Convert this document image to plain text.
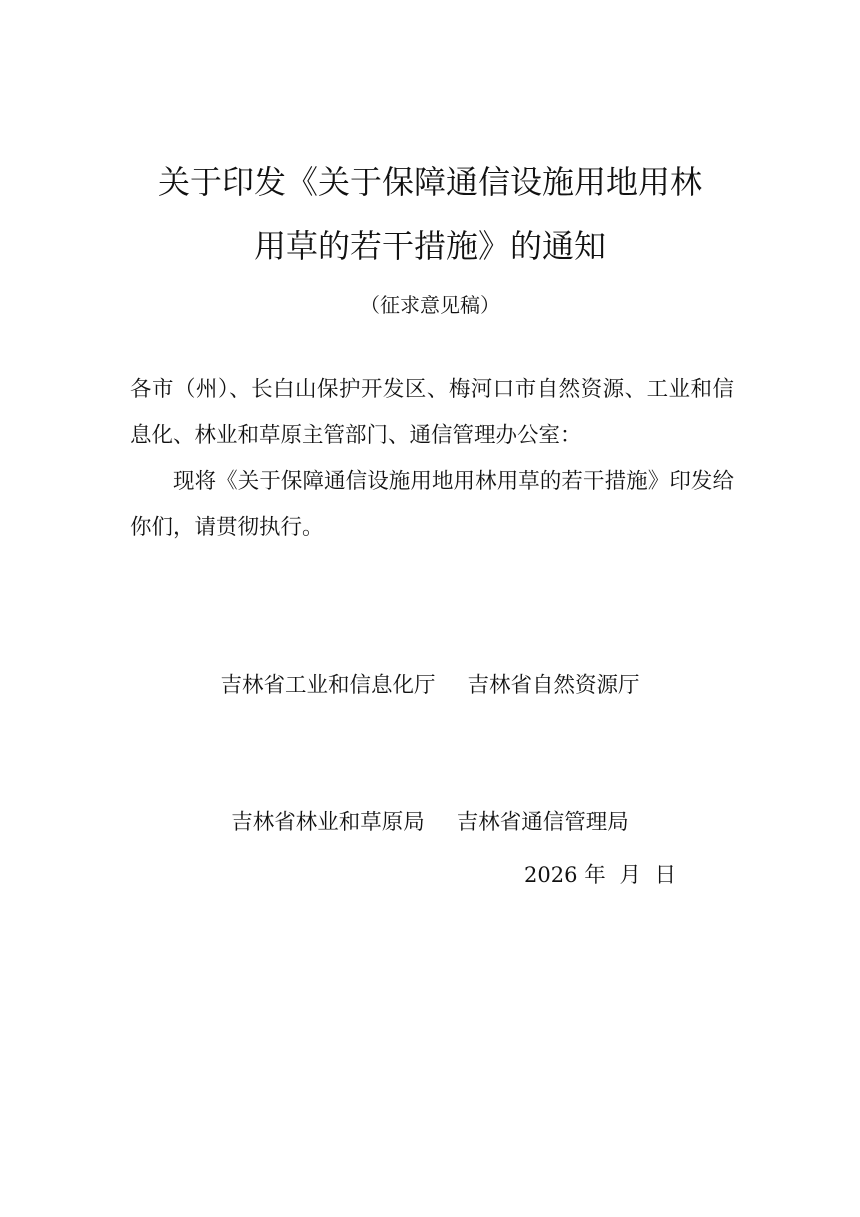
关于印发《关于保障通信设施用地用林
用草的若干措施》的通知
（征求意见稿）

各市（州）、长白山保护开发区、梅河口市自然资源、工业和信息化、林业和草原主管部门、通信管理办公室：

现将《关于保障通信设施用地用林用草的若干措施》印发给你们，请贯彻执行。

吉林省工业和信息化厅 吉林省自然资源厅
吉林省林业和草原局 吉林省通信管理局
2026 年 月 日
